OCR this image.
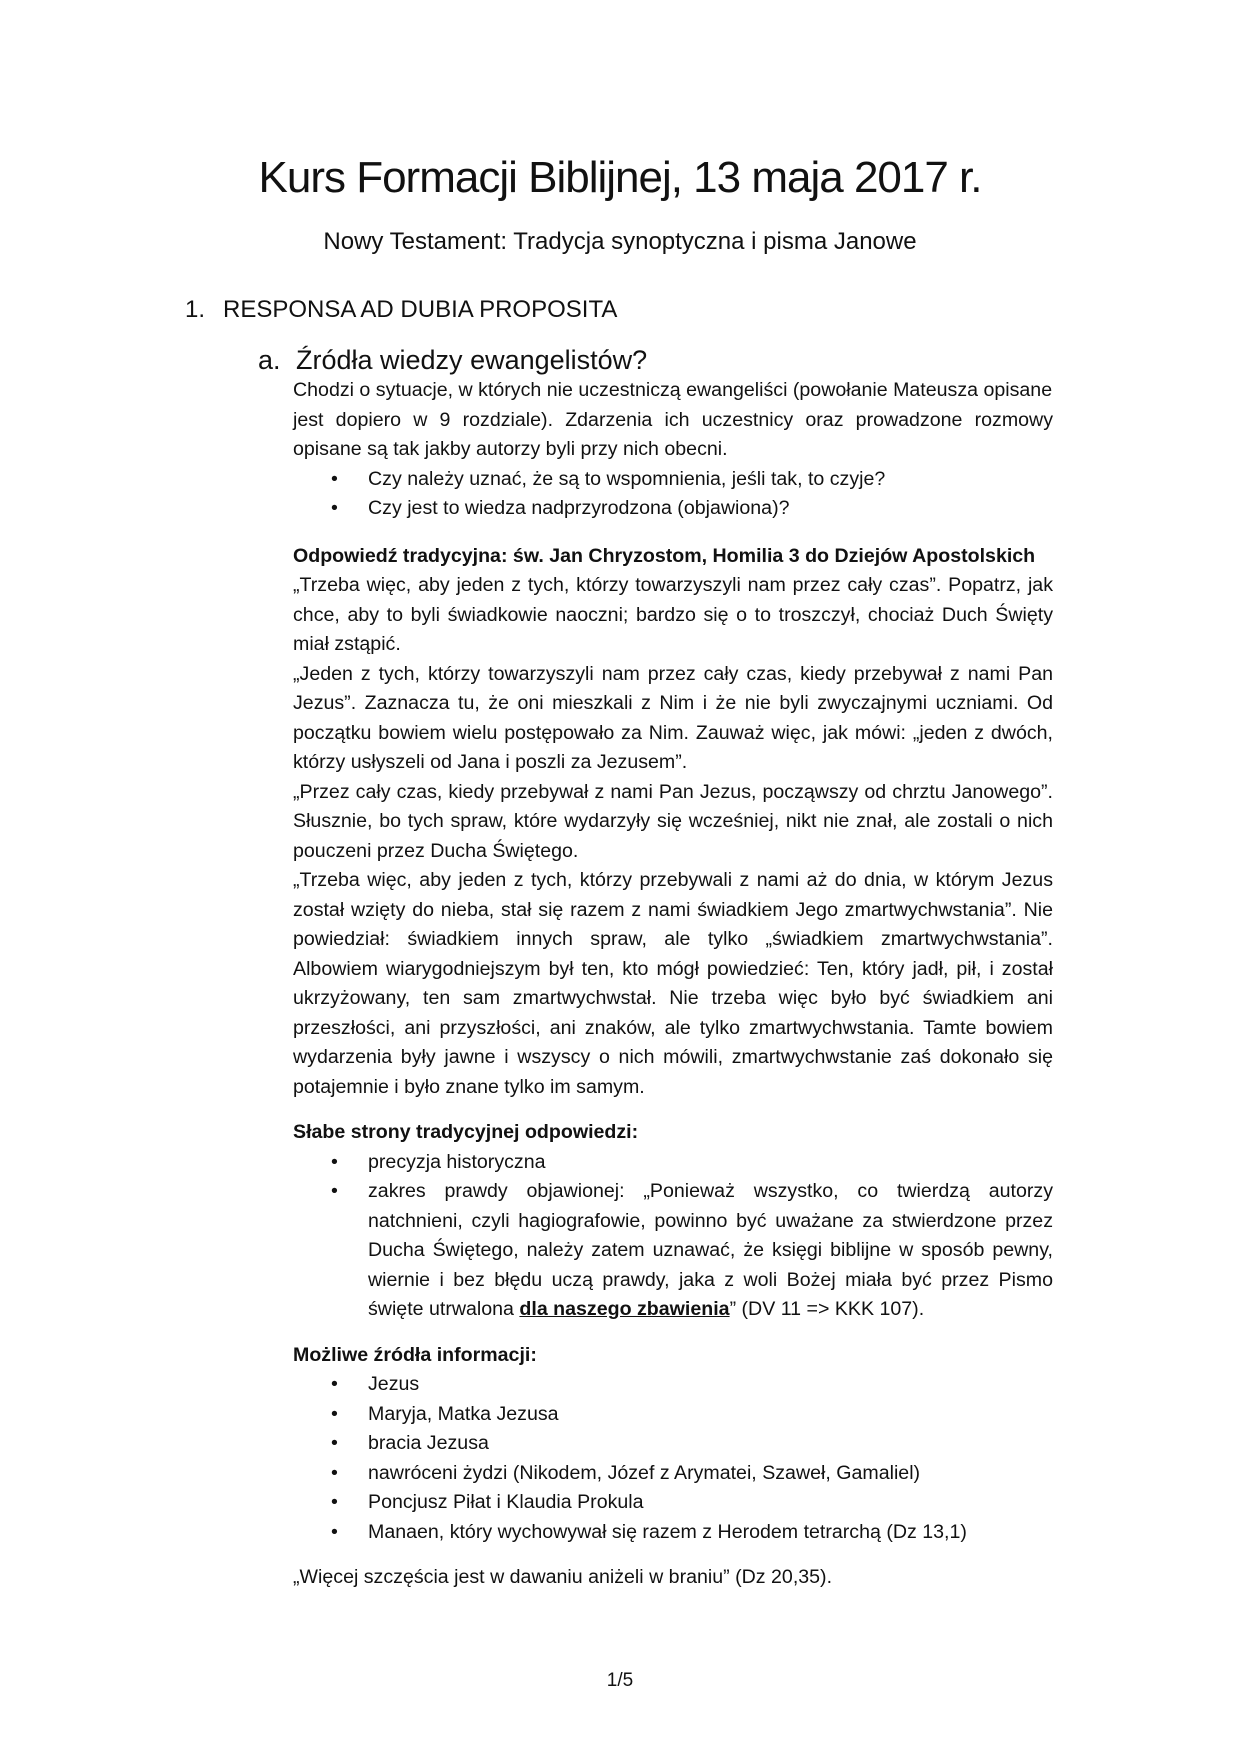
Kurs Formacji Biblijnej, 13 maja 2017 r.
Nowy Testament: Tradycja synoptyczna i pisma Janowe
1. RESPONSA AD DUBIA PROPOSITA
a. Źródła wiedzy ewangelistów?

Chodzi o sytuacje, w których nie uczestniczą ewangeliści (powołanie Mateusza opisane
jest dopiero w 9 rozdziale). Zdarzenia ich uczestnicy oraz prowadzone rozmowy
opisane są tak jakby autorzy byli przy nich obecni.

• Czy należy uznać, że są to wspomnienia, jeśli tak, to czyje?
• Czy jest to wiedza nadprzyrodzona (objawiona)?

Odpowiedź tradycyjna: św. Jan Chryzostom, Homilia 3 do Dziejów Apostolskich

„Trzeba więc, aby jeden z tych, którzy towarzyszyli nam przez cały czas”. Popatrz, jak chce, aby to byli świadkowie naoczni; bardzo się o to troszczył, chociaż Duch Święty miał zstąpić.

„Jeden z tych, którzy towarzyszyli nam przez cały czas, kiedy przebywał z nami Pan Jezus”. Zaznacza tu, że oni mieszkali z Nim i że nie byli zwyczajnymi uczniami. Od początku bowiem wielu postępowało za Nim. Zauważ więc, jak mówi: „jeden z dwóch, którzy usłyszeli od Jana i poszli za Jezusem”.

„Przez cały czas, kiedy przebywał z nami Pan Jezus, począwszy od chrztu Janowego”. Słusznie, bo tych spraw, które wydarzyły się wcześniej, nikt nie znał, ale zostali o nich pouczeni przez Ducha Świętego.

„Trzeba więc, aby jeden z tych, którzy przebywali z nami aż do dnia, w którym Jezus został wzięty do nieba, stał się razem z nami świadkiem Jego zmartwychwstania”. Nie powiedział: świadkiem innych spraw, ale tylko „świadkiem zmartwychwstania”. Albowiem wiarygodniejszym był ten, kto mógł powiedzieć: Ten, który jadł, pił, i został ukrzyżowany, ten sam zmartwychwstał. Nie trzeba więc było być świadkiem ani przeszłości, ani przyszłości, ani znaków, ale tylko zmartwychwstania. Tamte bowiem wydarzenia były jawne i wszyscy o nich mówili, zmartwychwstanie zaś dokonało się potajemnie i było znane tylko im samym.

Słabe strony tradycyjnej odpowiedzi:

• precyzja historyczna
• zakres prawdy objawionej: „Ponieważ wszystko, co twierdzą autorzy natchnieni, czyli hagiografowie, powinno być uważane za stwierdzone przez Ducha Świętego, należy zatem uznawać, że księgi biblijne w sposób pewny, wiernie i bez błędu uczą prawdy, jaka z woli Bożej miała być przez Pismo święte utrwalona dla naszego zbawienia” (DV 11 => KKK 107).

Możliwe źródła informacji:

• Jezus
• Maryja, Matka Jezusa
• bracia Jezusa
• nawróceni żydzi (Nikodem, Józef z Arymatei, Szaweł, Gamaliel)
• Poncjusz Piłat i Klaudia Prokula
• Manaen, który wychowywał się razem z Herodem tetrarchą (Dz 13,1)

„Więcej szczęścia jest w dawaniu aniżeli w braniu” (Dz 20,35).

1/5
